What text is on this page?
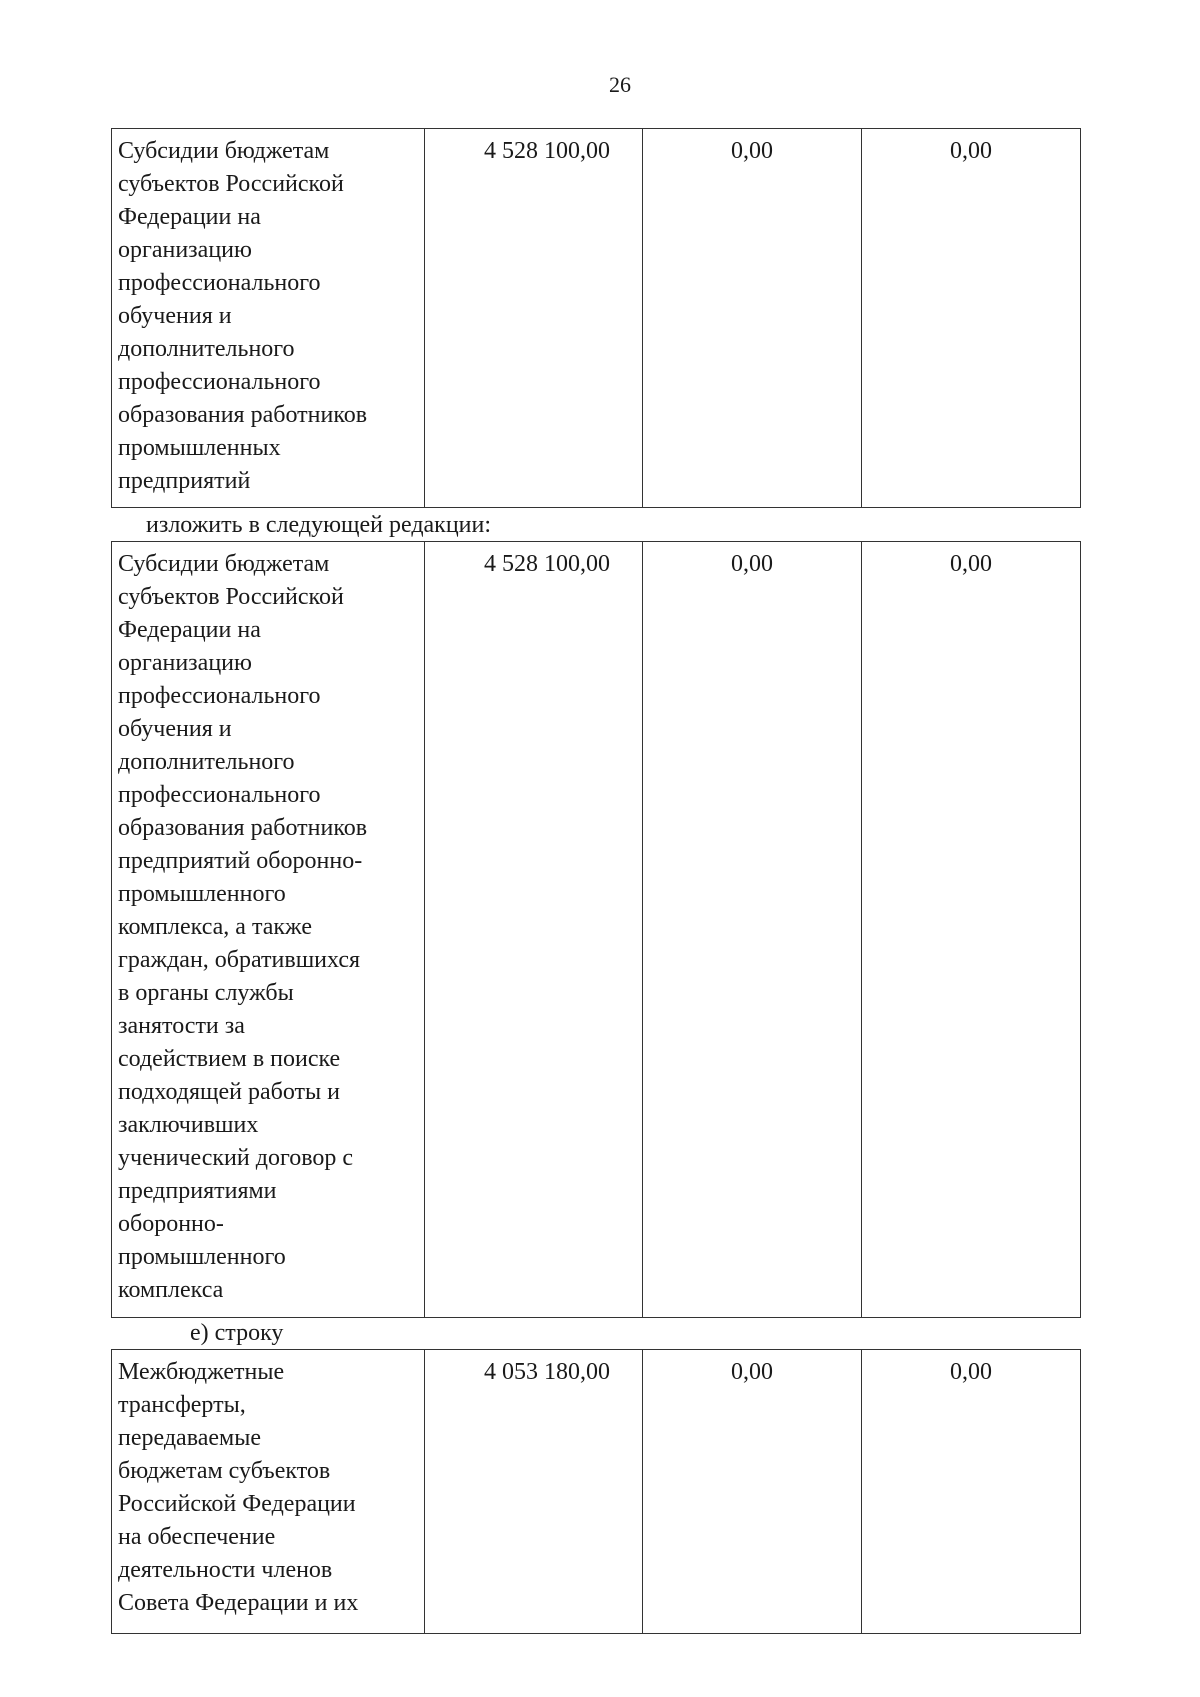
26
Субсидии бюджетам
субъектов Российской
Федерации на
организацию
профессионального
обучения и
дополнительного
профессионального
образования работников
промышленных
предприятий	4 528 100,00	0,00	0,00
изложить в следующей редакции:
Субсидии бюджетам
субъектов Российской
Федерации на
организацию
профессионального
обучения и
дополнительного
профессионального
образования работников
предприятий оборонно-
промышленного
комплекса, а также
граждан, обратившихся
в органы службы
занятости за
содействием в поиске
подходящей работы и
заключивших
ученический договор с
предприятиями
оборонно-
промышленного
комплекса	4 528 100,00	0,00	0,00
е) строку
Межбюджетные
трансферты,
передаваемые
бюджетам субъектов
Российской Федерации
на обеспечение
деятельности членов
Совета Федерации и их	4 053 180,00	0,00	0,00
